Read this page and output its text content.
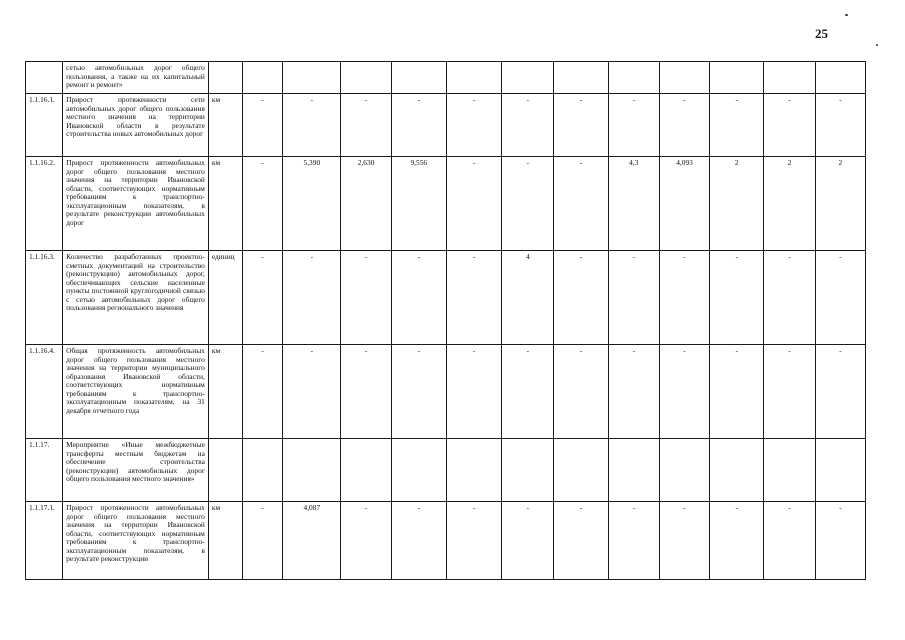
25
	сетью автомобильных дорог общего пользования, а также на их капитальный ремонт и ремонт»													
1.1.16.1.	Прирост протяженности сети автомобильных дорог общего пользования местного значения на территории Ивановской области в результате строительства новых автомобильных дорог	км	-	-	-	-	-	-	-	-	-	-	-	-
1.1.16.2.	Прирост протяженности автомобильных дорог общего пользования местного значения на территории Ивановской области, соответствующих нормативным требованиям к транспортно-эксплуатационным показателям, в результате реконструкции автомобильных дорог	км	-	5,390	2,630	9,556	-	-	-	4,3	4,093	2	2	2
1.1.16.3.	Количество разработанных проектно-сметных документаций на строительство (реконструкцию) автомобильных дорог, обеспечивающих сельские населенные пункты постоянной круглогодичной связью с сетью автомобильных дорог общего пользования регионального значения	единиц	-	-	-	-	-	4	-	-	-	-	-	-
1.1.16.4.	Общая протяженность автомобильных дорог общего пользования местного значения на территории муниципального образования Ивановской области, соответствующих нормативным требованиям к транспортно-эксплуатационным показателям, на 31 декабря отчетного года	км	-	-	-	-	-	-	-	-	-	-	-	-
1.1.17.	Мероприятие «Иные межбюджетные трансферты местным бюджетам на обеспечение строительства (реконструкции) автомобильных дорог общего пользования местного значения»													
1.1.17.1.	Прирост протяженности автомобильных дорог общего пользования местного значения на территории Ивановской области, соответствующих нормативным требованиям к транспортно-эксплуатационным показателям, в результате реконструкции	км	-	4,087	-	-	-	-	-	-	-	-	-	-
